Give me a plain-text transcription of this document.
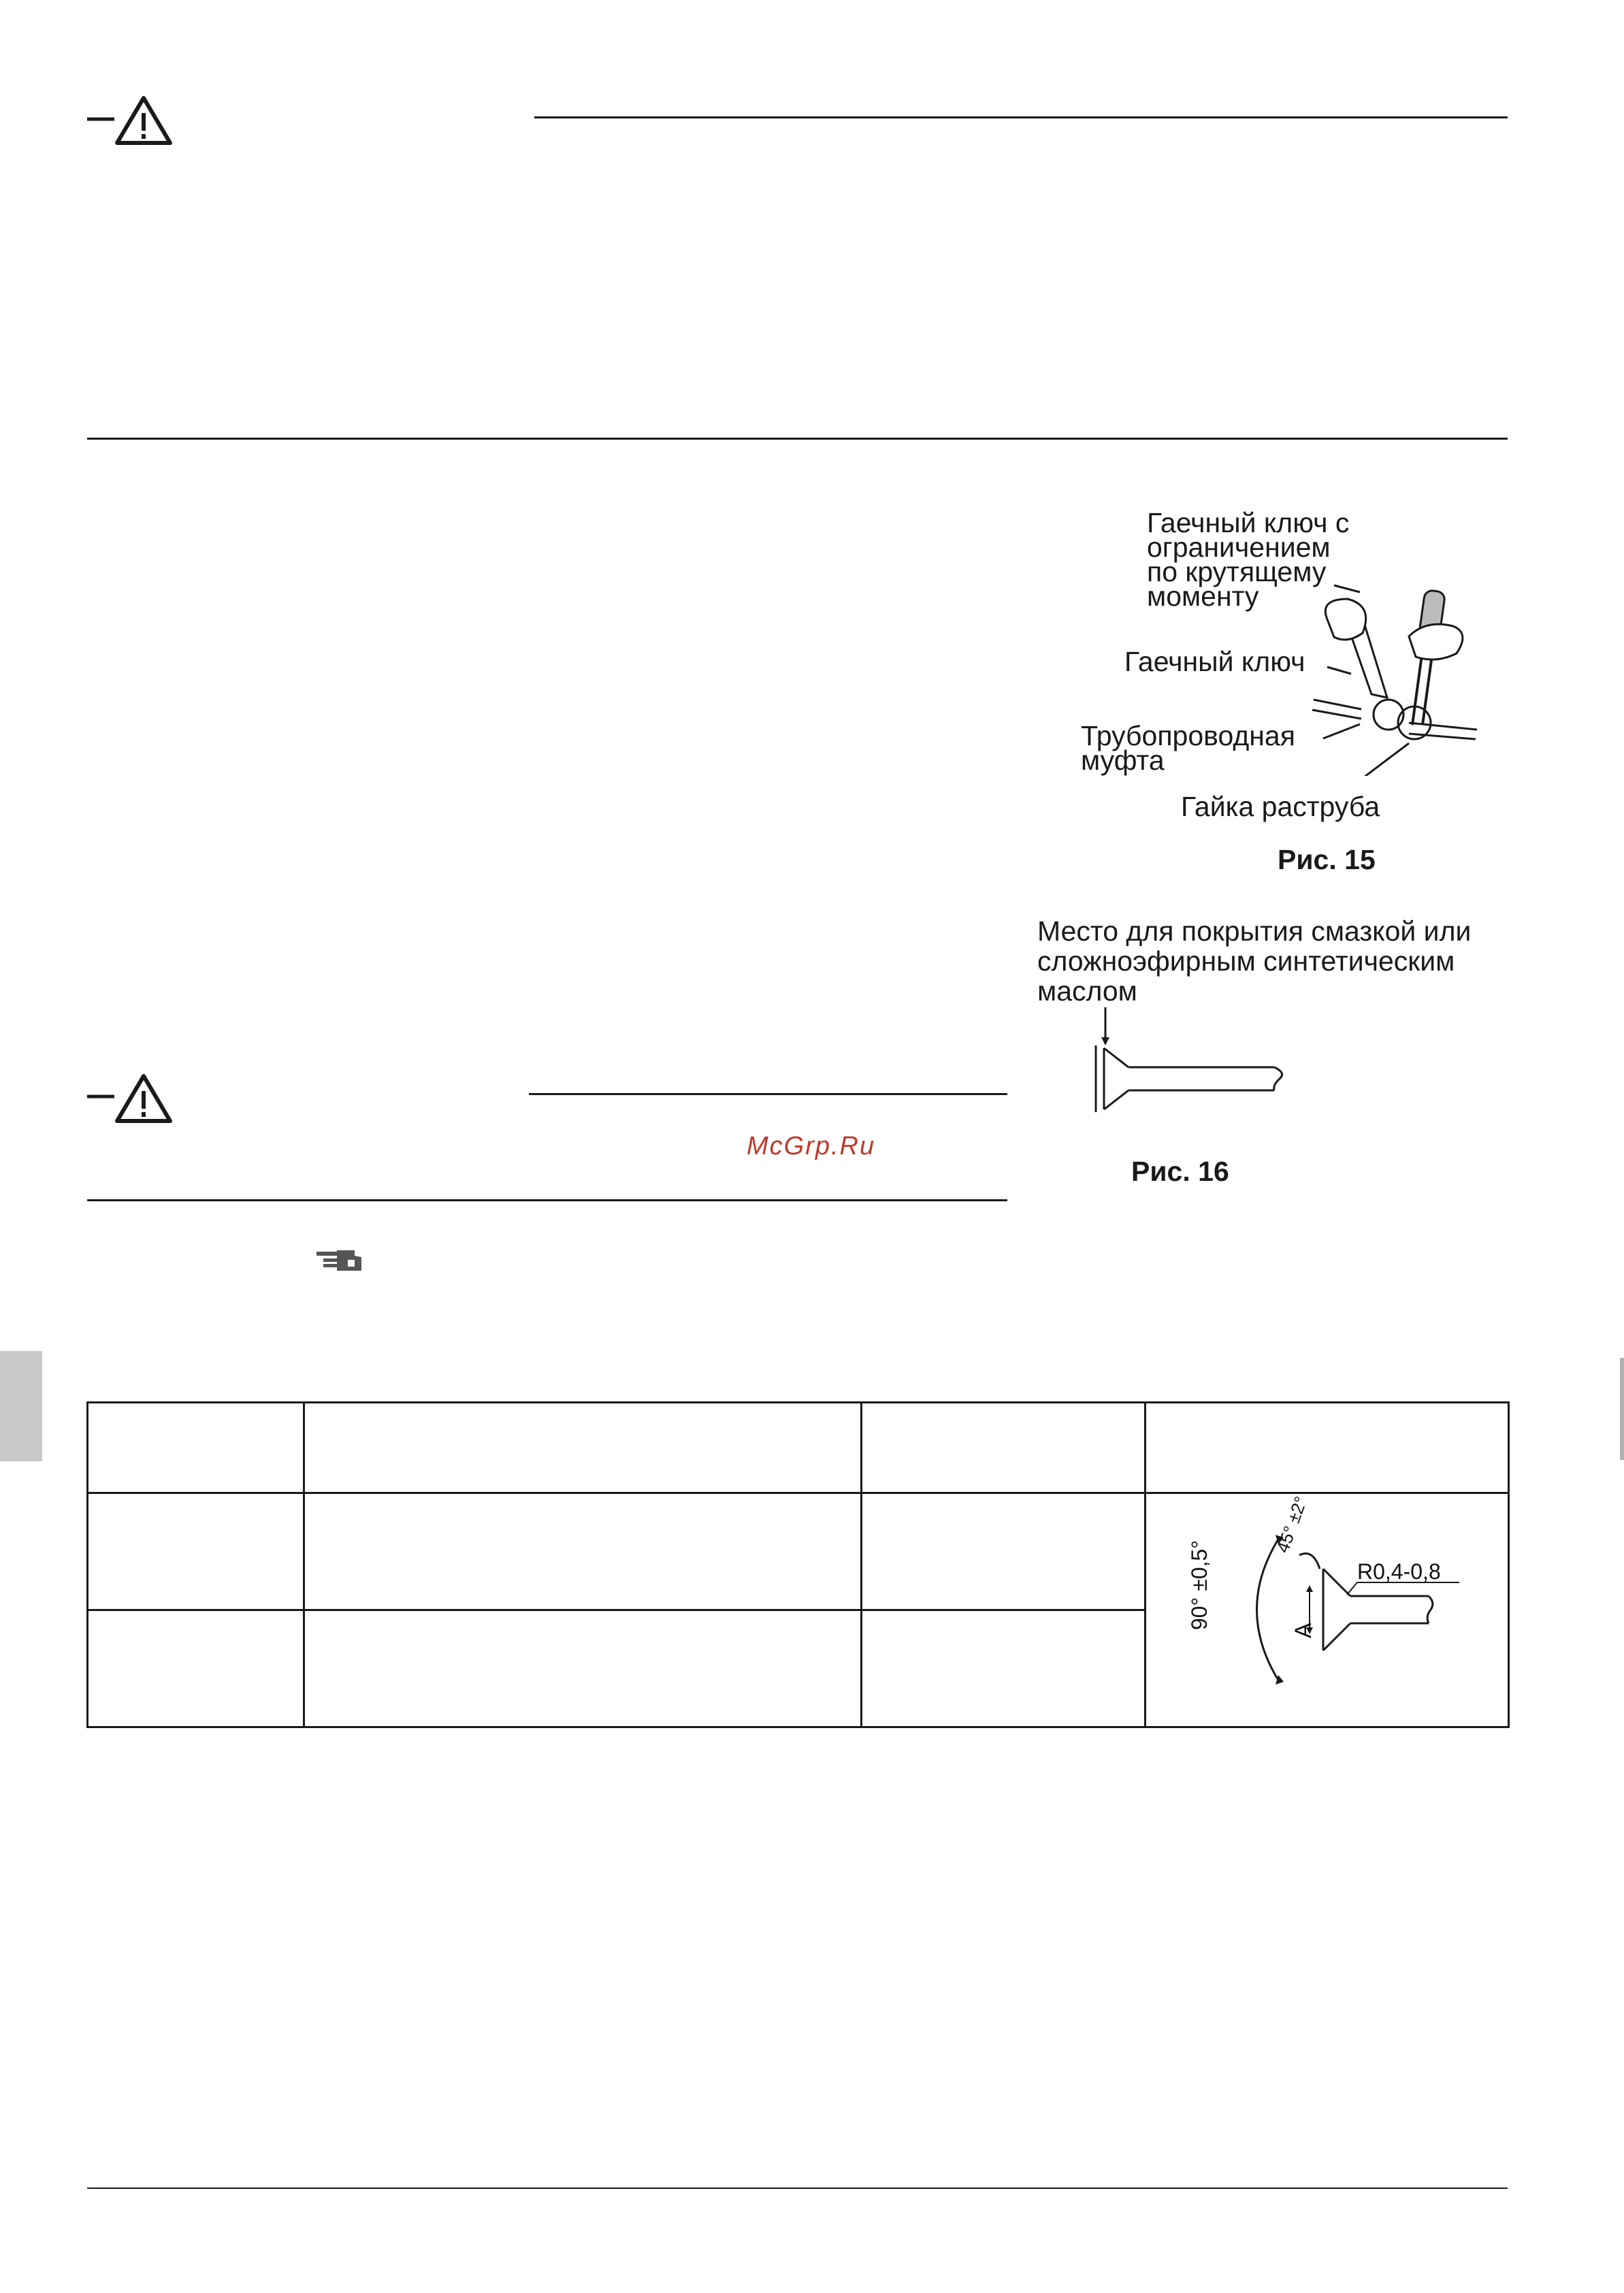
Гаечный ключ с
ограничением
по крутящему
моменту
Гаечный ключ
Трубопроводная
муфта
Гайка раструба
Рис. 15
Место для покрытия смазкой или
сложноэфирным синтетическим
маслом
Рис. 16
McGrp.Ru

			90° ±0,5°
45° ±2°
R0,4-0,8
A
